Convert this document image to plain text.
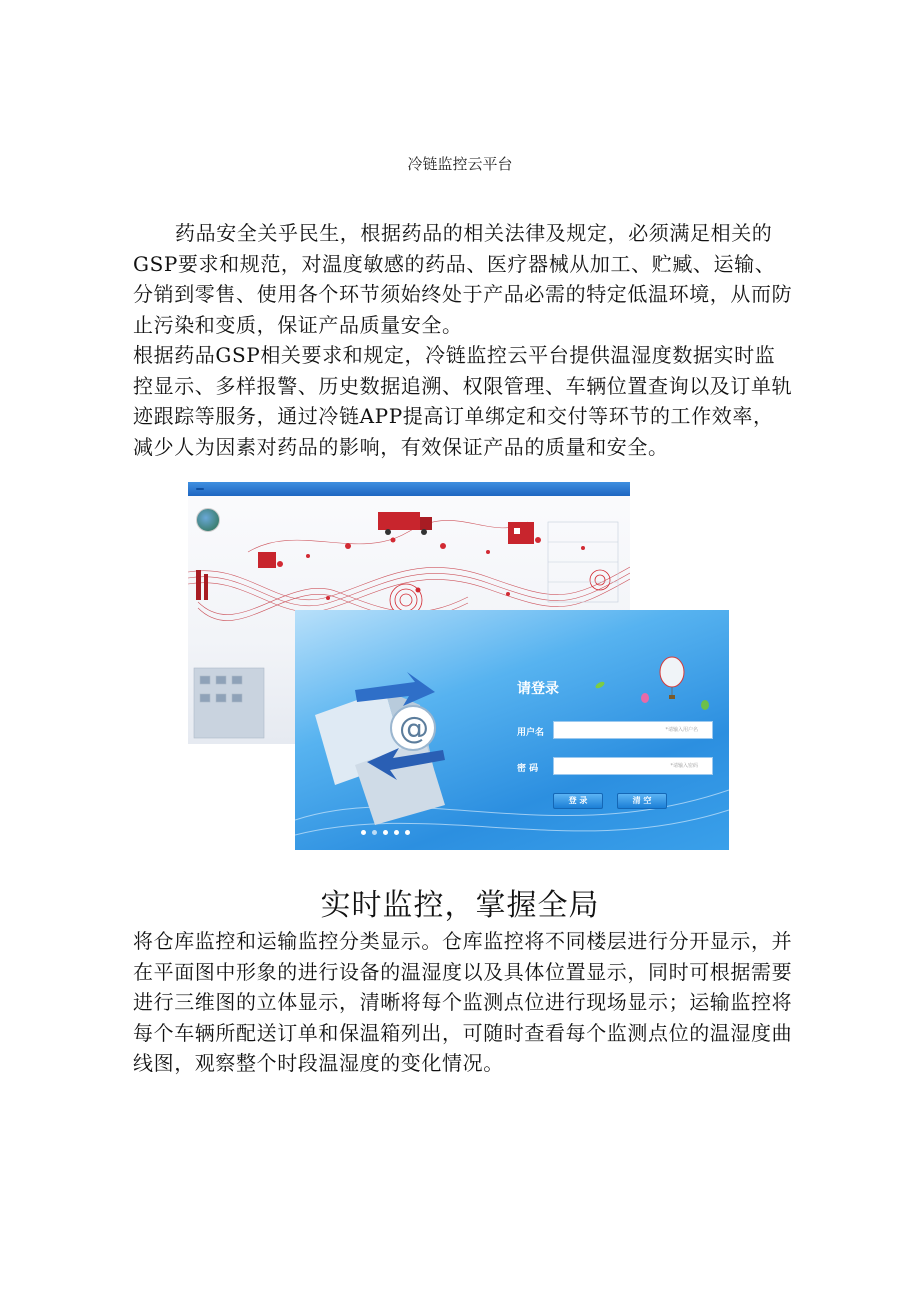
冷链监控云平台

药品安全关乎民生，根据药品的相关法律及规定，必须满足相关的GSP要求和规范，对温度敏感的药品、医疗器械从加工、贮臧、运输、分销到零售、使用各个环节须始终处于产品必需的特定低温环境，从而防止污染和变质，保证产品质量安全。

根据药品GSP相关要求和规定，冷链监控云平台提供温湿度数据实时监控显示、多样报警、历史数据追溯、权限管理、车辆位置查询以及订单轨迹跟踪等服务，通过冷链APP提高订单绑定和交付等环节的工作效率，减少人为因素对药品的影响，有效保证产品的质量和安全。

@
请登录
用户名	*请输入用户名
密 码	*请输入密码
登 录	清 空
实时监控，掌握全局

将仓库监控和运输监控分类显示。仓库监控将不同楼层进行分开显示，并在平面图中形象的进行设备的温湿度以及具体位置显示，同时可根据需要进行三维图的立体显示，清晰将每个监测点位进行现场显示；运输监控将每个车辆所配送订单和保温箱列出，可随时查看每个监测点位的温湿度曲线图，观察整个时段温湿度的变化情况。
